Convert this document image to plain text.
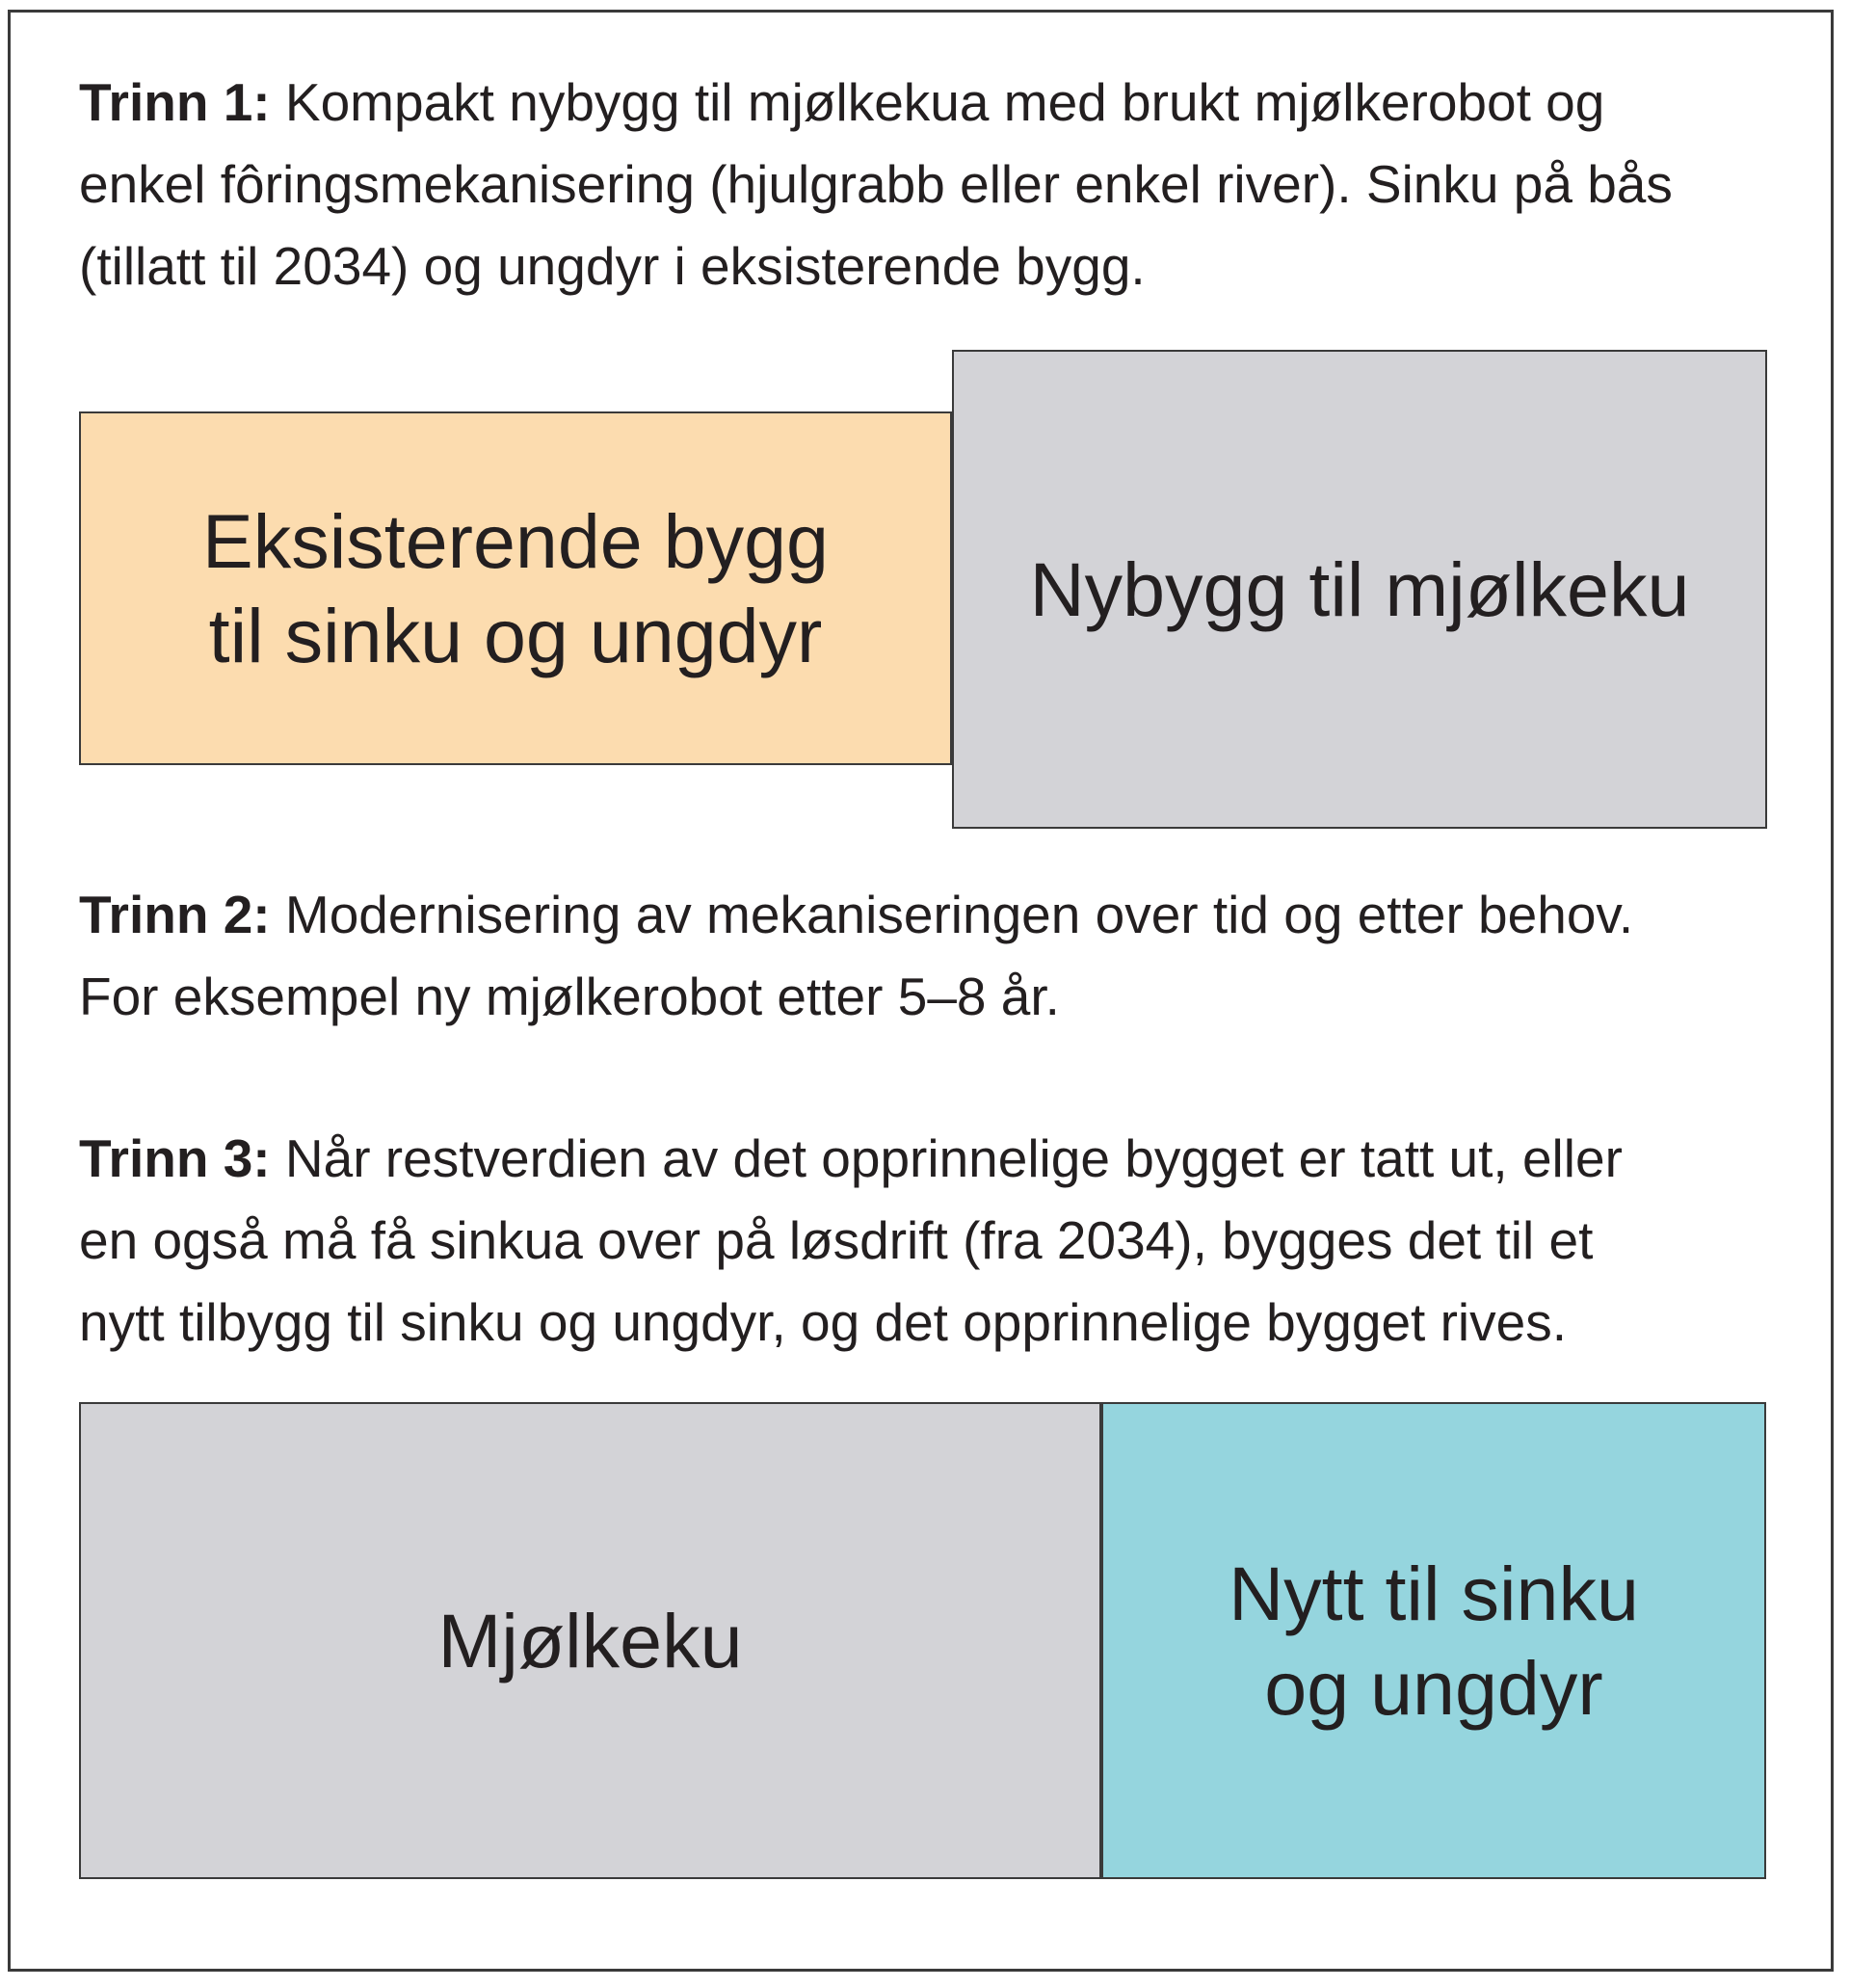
Trinn 1: Kompakt nybygg til mjølkekua med brukt mjølkerobot og
enkel fôringsmekanisering (hjulgrabb eller enkel river). Sinku på bås
(tillatt til 2034) og ungdyr i eksisterende bygg.

Eksisterende bygg
til sinku og ungdyr
Nybygg til mjølkeku

Trinn 2: Modernisering av mekaniseringen over tid og etter behov.
For eksempel ny mjølkerobot etter 5–8 år.

Trinn 3: Når restverdien av det opprinnelige bygget er tatt ut, eller
en også må få sinkua over på løsdrift (fra 2034), bygges det til et
nytt tilbygg til sinku og ungdyr, og det opprinnelige bygget rives.

Mjølkeku
Nytt til sinku
og ungdyr
